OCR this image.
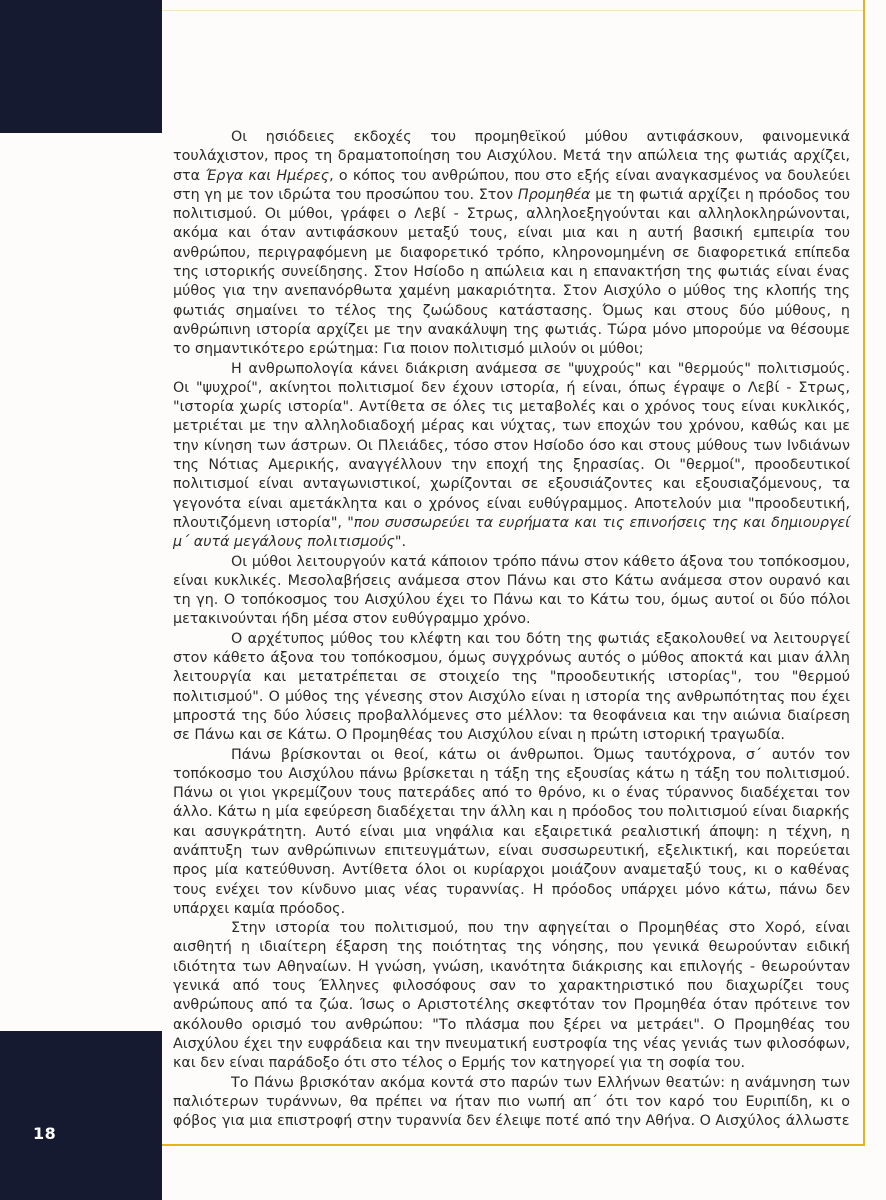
18

Οι ησιόδειες εκδοχές του προμηθεϊκού μύθου αντιφάσκουν, φαινομενικά τουλάχιστον, προς τη δραματοποίηση του Αισχύλου. Μετά την απώλεια της φωτιάς αρχίζει, στα Έργα και Ημέρες, ο κόπος του ανθρώπου, που στο εξής είναι αναγκασμένος να δουλεύει στη γη με τον ιδρώτα του προσώπου του. Στον Προμηθέα με τη φωτιά αρχίζει η πρόοδος του πολιτισμού. Οι μύθοι, γράφει ο Λεβί - Στρως, αλληλοεξηγούνται και αλληλοκληρώνονται, ακόμα και όταν αντιφάσκουν μεταξύ τους, είναι μια και η αυτή βασική εμπειρία του ανθρώπου, περιγραφόμενη με διαφορετικό τρόπο, κληρονομημένη σε διαφορετικά επίπεδα της ιστορικής συνείδησης. Στον Ησίοδο η απώλεια και η επανακτήση της φωτιάς είναι ένας μύθος για την ανεπανόρθωτα χαμένη μακαριότητα. Στον Αισχύλο ο μύθος της κλοπής της φωτιάς σημαίνει το τέλος της ζωώδους κατάστασης. Όμως και στους δύο μύθους, η ανθρώπινη ιστορία αρχίζει με την ανακάλυψη της φωτιάς. Τώρα μόνο μπορούμε να θέσουμε το σημαντικότερο ερώτημα: Για ποιον πολιτισμό μιλούν οι μύθοι;

Η ανθρωπολογία κάνει διάκριση ανάμεσα σε "ψυχρούς" και "θερμούς" πολιτισμούς. Οι "ψυχροί", ακίνητοι πολιτισμοί δεν έχουν ιστορία, ή είναι, όπως έγραψε ο Λεβί - Στρως, "ιστορία χωρίς ιστορία". Αντίθετα σε όλες τις μεταβολές και ο χρόνος τους είναι κυκλικός, μετριέται με την αλληλοδιαδοχή μέρας και νύχτας, των εποχών του χρόνου, καθώς και με την κίνηση των άστρων. Οι Πλειάδες, τόσο στον Ησίοδο όσο και στους μύθους των Ινδιάνων της Νότιας Αμερικής, αναγγέλλουν την εποχή της ξηρασίας. Οι "θερμοί", προοδευτικοί πολιτισμοί είναι ανταγωνιστικοί, χωρίζονται σε εξουσιάζοντες και εξουσιαζόμενους, τα γεγονότα είναι αμετάκλητα και ο χρόνος είναι ευθύγραμμος. Αποτελούν μια "προοδευτική, πλουτιζόμενη ιστορία", "που συσσωρεύει τα ευρήματα και τις επινοήσεις της και δημιουργεί μ΄ αυτά μεγάλους πολιτισμούς".

Οι μύθοι λειτουργούν κατά κάποιον τρόπο πάνω στον κάθετο άξονα του τοπόκοσμου, είναι κυκλικές. Μεσολαβήσεις ανάμεσα στον Πάνω και στο Κάτω ανάμεσα στον ουρανό και τη γη. Ο τοπόκοσμος του Αισχύλου έχει το Πάνω και το Κάτω του, όμως αυτοί οι δύο πόλοι μετακινούνται ήδη μέσα στον ευθύγραμμο χρόνο.

Ο αρχέτυπος μύθος του κλέφτη και του δότη της φωτιάς εξακολουθεί να λειτουργεί στον κάθετο άξονα του τοπόκοσμου, όμως συγχρόνως αυτός ο μύθος αποκτά και μιαν άλλη λειτουργία και μετατρέπεται σε στοιχείο της "προοδευτικής ιστορίας", του "θερμού πολιτισμού". Ο μύθος της γένεσης στον Αισχύλο είναι η ιστορία της ανθρωπότητας που έχει μπροστά της δύο λύσεις προβαλλόμενες στο μέλλον: τα θεοφάνεια και την αιώνια διαίρεση σε Πάνω και σε Κάτω. Ο Προμηθέας του Αισχύλου είναι η πρώτη ιστορική τραγωδία.

Πάνω βρίσκονται οι θεοί, κάτω οι άνθρωποι. Όμως ταυτόχρονα, σ΄ αυτόν τον τοπόκοσμο του Αισχύλου πάνω βρίσκεται η τάξη της εξουσίας κάτω η τάξη του πολιτισμού. Πάνω οι γιοι γκρεμίζουν τους πατεράδες από το θρόνο, κι ο ένας τύραννος διαδέχεται τον άλλο. Κάτω η μία εφεύρεση διαδέχεται την άλλη και η πρόοδος του πολιτισμού είναι διαρκής και ασυγκράτητη. Αυτό είναι μια νηφάλια και εξαιρετικά ρεαλιστική άποψη: η τέχνη, η ανάπτυξη των ανθρώπινων επιτευγμάτων, είναι συσσωρευτική, εξελικτική, και πορεύεται προς μία κατεύθυνση. Αντίθετα όλοι οι κυρίαρχοι μοιάζουν αναμεταξύ τους, κι ο καθένας τους ενέχει τον κίνδυνο μιας νέας τυραννίας. Η πρόοδος υπάρχει μόνο κάτω, πάνω δεν υπάρχει καμία πρόοδος.

Στην ιστορία του πολιτισμού, που την αφηγείται ο Προμηθέας στο Χορό, είναι αισθητή η ιδιαίτερη έξαρση της ποιότητας της νόησης, που γενικά θεωρούνταν ειδική ιδιότητα των Αθηναίων. Η γνώση, γνώση, ικανότητα διάκρισης και επιλογής - θεωρούνταν γενικά από τους Έλληνες φιλοσόφους σαν το χαρακτηριστικό που διαχωρίζει τους ανθρώπους από τα ζώα. Ίσως ο Αριστοτέλης σκεφτόταν τον Προμηθέα όταν πρότεινε τον ακόλουθο ορισμό του ανθρώπου: "Το πλάσμα που ξέρει να μετράει". Ο Προμηθέας του Αισχύλου έχει την ευφράδεια και την πνευματική ευστροφία της νέας γενιάς των φιλοσόφων, και δεν είναι παράδοξο ότι στο τέλος ο Ερμής τον κατηγορεί για τη σοφία του.

Το Πάνω βρισκόταν ακόμα κοντά στο παρών των Ελλήνων θεατών: η ανάμνηση των παλιότερων τυράννων, θα πρέπει να ήταν πιο νωπή απ΄ ότι τον καρό του Ευριπίδη, κι ο φόβος για μια επιστροφή στην τυραννία δεν έλειψε ποτέ από την Αθήνα. Ο Αισχύλος άλλωστε
